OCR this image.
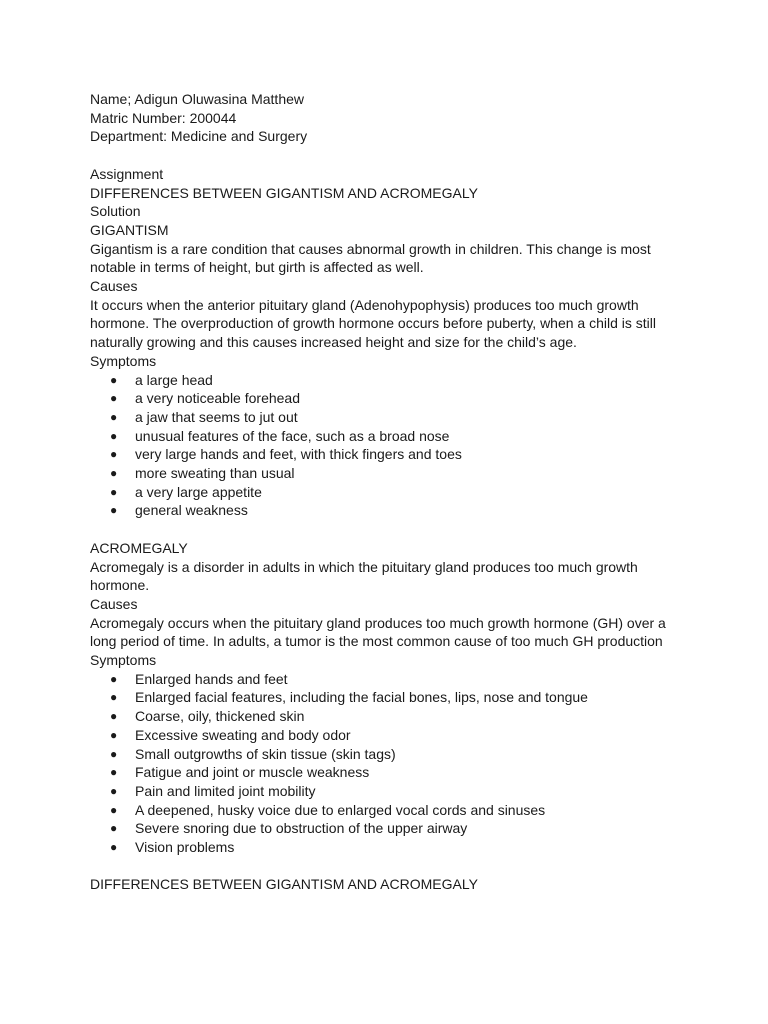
Name; Adigun Oluwasina Matthew

Matric Number: 200044

Department: Medicine and Surgery

Assignment

DIFFERENCES BETWEEN GIGANTISM AND ACROMEGALY

Solution

GIGANTISM

Gigantism is a rare condition that causes abnormal growth in children. This change is most

notable in terms of height, but girth is affected as well.

Causes

It occurs when the anterior pituitary gland (Adenohypophysis) produces too much growth

hormone. The overproduction of growth hormone occurs before puberty, when a child is still

naturally growing and this causes increased height and size for the child’s age.

Symptoms

● a large head
● a very noticeable forehead
● a jaw that seems to jut out
● unusual features of the face, such as a broad nose
● very large hands and feet, with thick fingers and toes
● more sweating than usual
● a very large appetite
● general weakness

ACROMEGALY

Acromegaly is a disorder in adults in which the pituitary gland produces too much growth

hormone.

Causes

Acromegaly occurs when the pituitary gland produces too much growth hormone (GH) over a

long period of time. In adults, a tumor is the most common cause of too much GH production

Symptoms

● Enlarged hands and feet
● Enlarged facial features, including the facial bones, lips, nose and tongue
● Coarse, oily, thickened skin
● Excessive sweating and body odor
● Small outgrowths of skin tissue (skin tags)
● Fatigue and joint or muscle weakness
● Pain and limited joint mobility
● A deepened, husky voice due to enlarged vocal cords and sinuses
● Severe snoring due to obstruction of the upper airway
● Vision problems

DIFFERENCES BETWEEN GIGANTISM AND ACROMEGALY
